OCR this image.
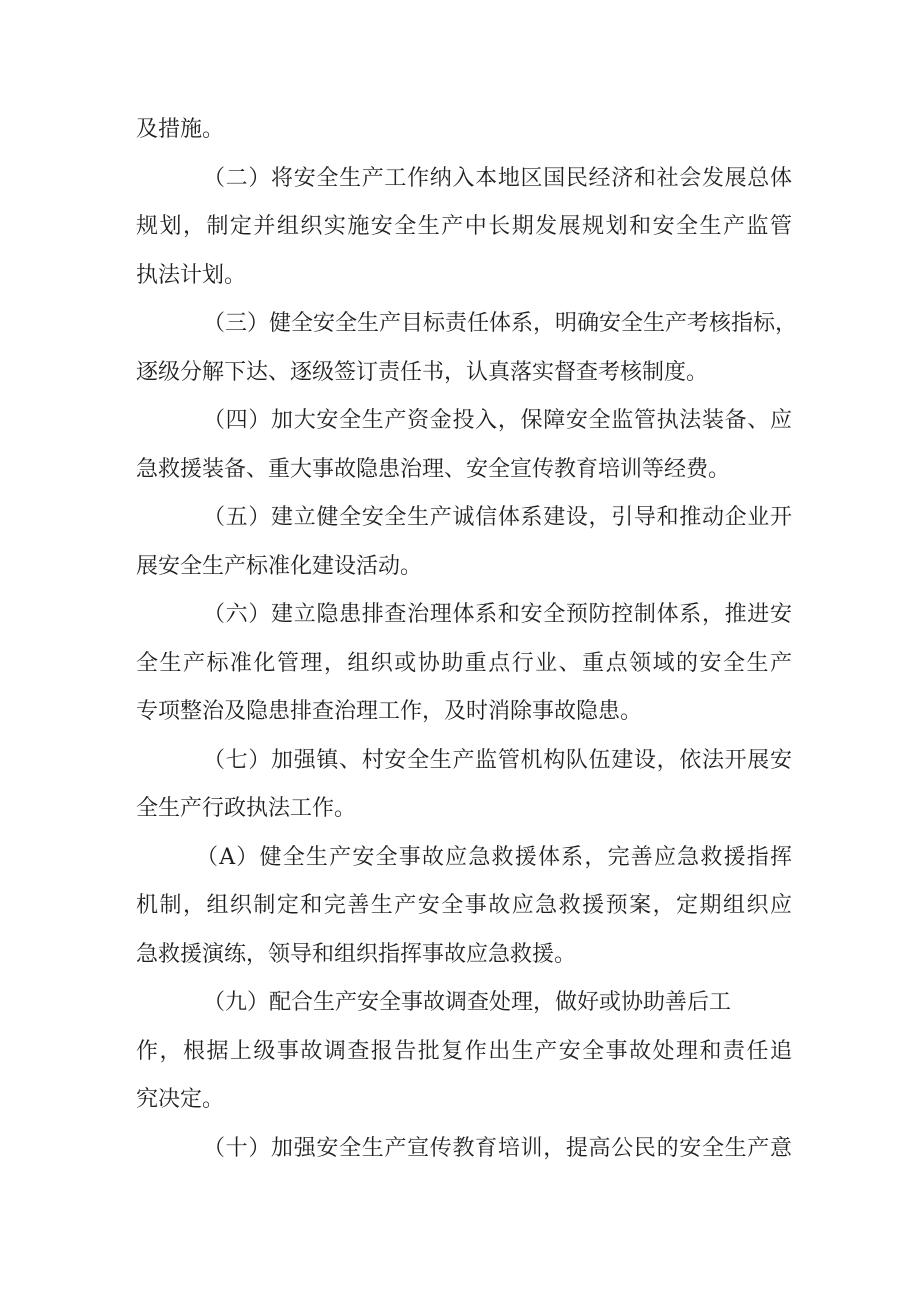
及措施。
（二）将安全生产工作纳入本地区国民经济和社会发展总体
规划，制定并组织实施安全生产中长期发展规划和安全生产监管
执法计划。
（三）健全安全生产目标责任体系，明确安全生产考核指标，
逐级分解下达、逐级签订责任书，认真落实督查考核制度。
（四）加大安全生产资金投入，保障安全监管执法装备、应
急救援装备、重大事故隐患治理、安全宣传教育培训等经费。
（五）建立健全安全生产诚信体系建设，引导和推动企业开
展安全生产标准化建设活动。
（六）建立隐患排查治理体系和安全预防控制体系，推进安
全生产标准化管理，组织或协助重点行业、重点领域的安全生产
专项整治及隐患排查治理工作，及时消除事故隐患。
（七）加强镇、村安全生产监管机构队伍建设，依法开展安
全生产行政执法工作。
（A）健全生产安全事故应急救援体系，完善应急救援指挥
机制，组织制定和完善生产安全事故应急救援预案，定期组织应
急救援演练，领导和组织指挥事故应急救援。
（九）配合生产安全事故调查处理，做好或协助善后工
作，根据上级事故调查报告批复作出生产安全事故处理和责任追
究决定。
（十）加强安全生产宣传教育培训，提高公民的安全生产意
